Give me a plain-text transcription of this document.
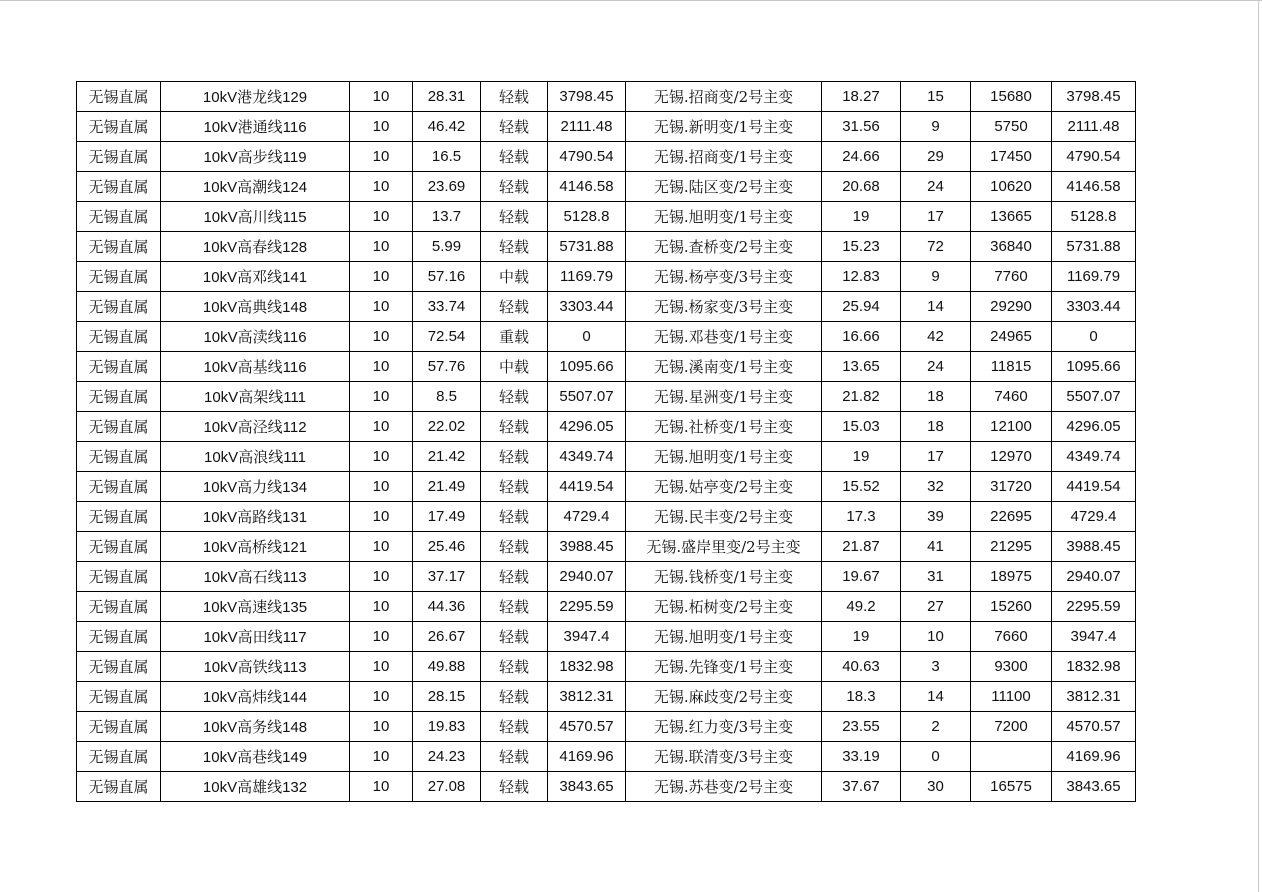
无锡直属	10kV港龙线129	10	28.31	轻载	3798.45	无锡.招商变/2号主变	18.27	15	15680	3798.45
无锡直属	10kV港通线116	10	46.42	轻载	2111.48	无锡.新明变/1号主变	31.56	9	5750	2111.48
无锡直属	10kV高步线119	10	16.5	轻载	4790.54	无锡.招商变/1号主变	24.66	29	17450	4790.54
无锡直属	10kV高潮线124	10	23.69	轻载	4146.58	无锡.陆区变/2号主变	20.68	24	10620	4146.58
无锡直属	10kV高川线115	10	13.7	轻载	5128.8	无锡.旭明变/1号主变	19	17	13665	5128.8
无锡直属	10kV高春线128	10	5.99	轻载	5731.88	无锡.查桥变/2号主变	15.23	72	36840	5731.88
无锡直属	10kV高邓线141	10	57.16	中载	1169.79	无锡.杨亭变/3号主变	12.83	9	7760	1169.79
无锡直属	10kV高典线148	10	33.74	轻载	3303.44	无锡.杨家变/3号主变	25.94	14	29290	3303.44
无锡直属	10kV高渎线116	10	72.54	重载	0	无锡.邓巷变/1号主变	16.66	42	24965	0
无锡直属	10kV高基线116	10	57.76	中载	1095.66	无锡.溪南变/1号主变	13.65	24	11815	1095.66
无锡直属	10kV高架线111	10	8.5	轻载	5507.07	无锡.星洲变/1号主变	21.82	18	7460	5507.07
无锡直属	10kV高泾线112	10	22.02	轻载	4296.05	无锡.社桥变/1号主变	15.03	18	12100	4296.05
无锡直属	10kV高浪线111	10	21.42	轻载	4349.74	无锡.旭明变/1号主变	19	17	12970	4349.74
无锡直属	10kV高力线134	10	21.49	轻载	4419.54	无锡.姑亭变/2号主变	15.52	32	31720	4419.54
无锡直属	10kV高路线131	10	17.49	轻载	4729.4	无锡.民丰变/2号主变	17.3	39	22695	4729.4
无锡直属	10kV高桥线121	10	25.46	轻载	3988.45	无锡.盛岸里变/2号主变	21.87	41	21295	3988.45
无锡直属	10kV高石线113	10	37.17	轻载	2940.07	无锡.钱桥变/1号主变	19.67	31	18975	2940.07
无锡直属	10kV高速线135	10	44.36	轻载	2295.59	无锡.柘树变/2号主变	49.2	27	15260	2295.59
无锡直属	10kV高田线117	10	26.67	轻载	3947.4	无锡.旭明变/1号主变	19	10	7660	3947.4
无锡直属	10kV高铁线113	10	49.88	轻载	1832.98	无锡.先锋变/1号主变	40.63	3	9300	1832.98
无锡直属	10kV高炜线144	10	28.15	轻载	3812.31	无锡.麻歧变/2号主变	18.3	14	11100	3812.31
无锡直属	10kV高务线148	10	19.83	轻载	4570.57	无锡.红力变/3号主变	23.55	2	7200	4570.57
无锡直属	10kV高巷线149	10	24.23	轻载	4169.96	无锡.联清变/3号主变	33.19	0		4169.96
无锡直属	10kV高雄线132	10	27.08	轻载	3843.65	无锡.苏巷变/2号主变	37.67	30	16575	3843.65
